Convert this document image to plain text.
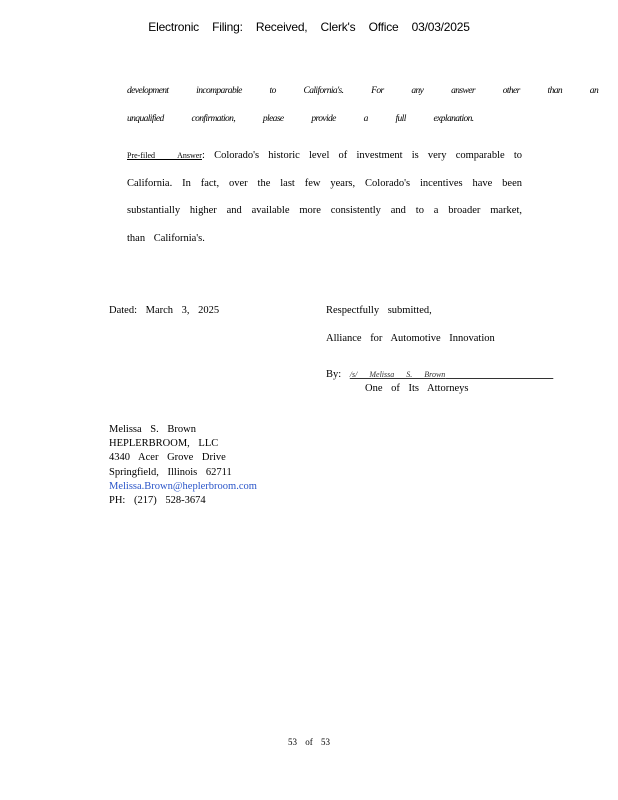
Electronic Filing: Received, Clerk's Office 03/03/2025
development incomparable to California's. For any answer other than an
unqualified confirmation, please provide a full explanation.
Pre-filed Answer: Colorado's historic level of investment is very comparable to California. In fact, over the last few years, Colorado's incentives have been substantially higher and available more consistently and to a broader market, than California's.
Dated: March 3, 2025	Respectfully submitted,
Alliance for Automotive Innovation
By: /s/ Melissa S. Brown
One of Its Attorneys
Melissa S. Brown
HEPLERBROOM, LLC
4340 Acer Grove Drive
Springfield, Illinois 62711
Melissa.Brown@heplerbroom.com
PH: (217) 528-3674
53 of 53
